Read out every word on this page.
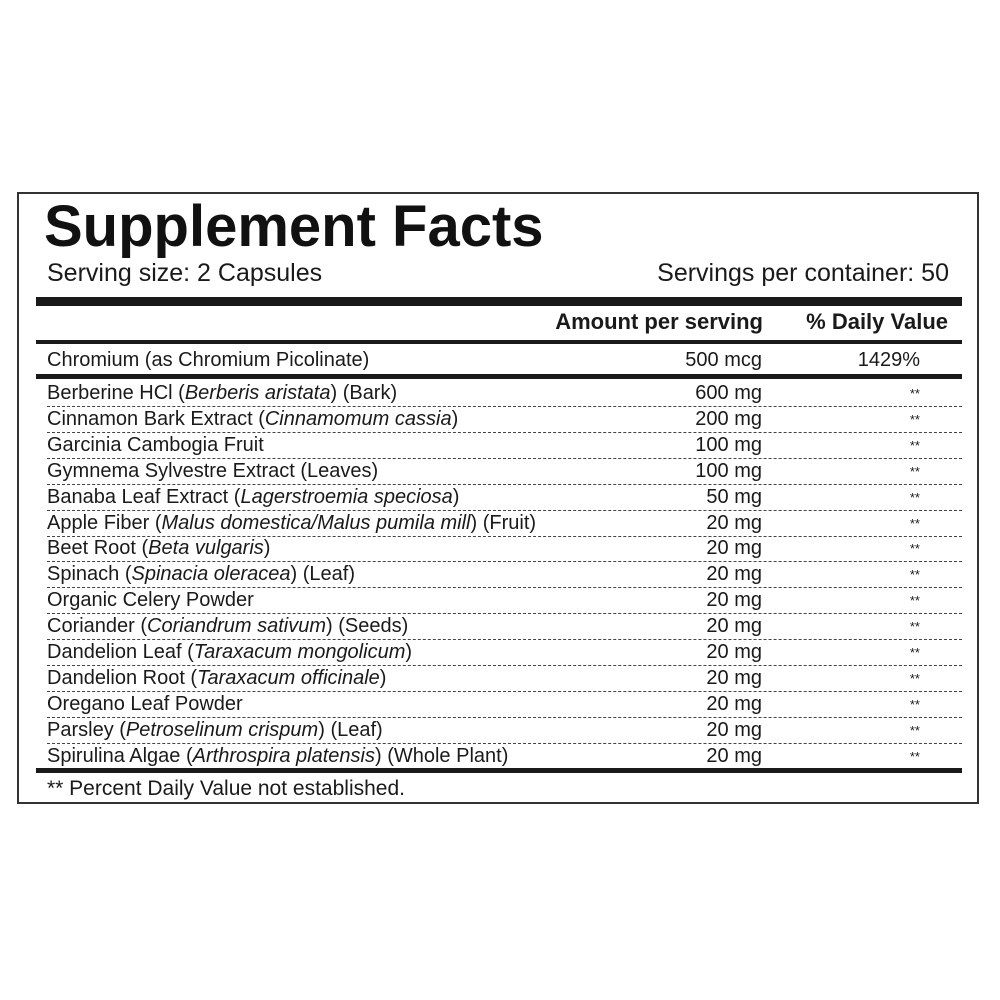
Supplement Facts
Serving size: 2 Capsules	Servings per container: 50
Amount per serving % Daily Value
Chromium (as Chromium Picolinate)	500 mcg	1429%
Berberine HCl (Berberis aristata) (Bark)	600 mg	**
Cinnamon Bark Extract (Cinnamomum cassia)	200 mg	**
Garcinia Cambogia Fruit	100 mg	**
Gymnema Sylvestre Extract (Leaves)	100 mg	**
Banaba Leaf Extract (Lagerstroemia speciosa)	50 mg	**
Apple Fiber (Malus domestica/Malus pumila mill) (Fruit)	20 mg	**
Beet Root (Beta vulgaris)	20 mg	**
Spinach (Spinacia oleracea) (Leaf)	20 mg	**
Organic Celery Powder	20 mg	**
Coriander (Coriandrum sativum) (Seeds)	20 mg	**
Dandelion Leaf (Taraxacum mongolicum)	20 mg	**
Dandelion Root (Taraxacum officinale)	20 mg	**
Oregano Leaf Powder	20 mg	**
Parsley (Petroselinum crispum) (Leaf)	20 mg	**
Spirulina Algae (Arthrospira platensis) (Whole Plant)	20 mg	**
** Percent Daily Value not established.
